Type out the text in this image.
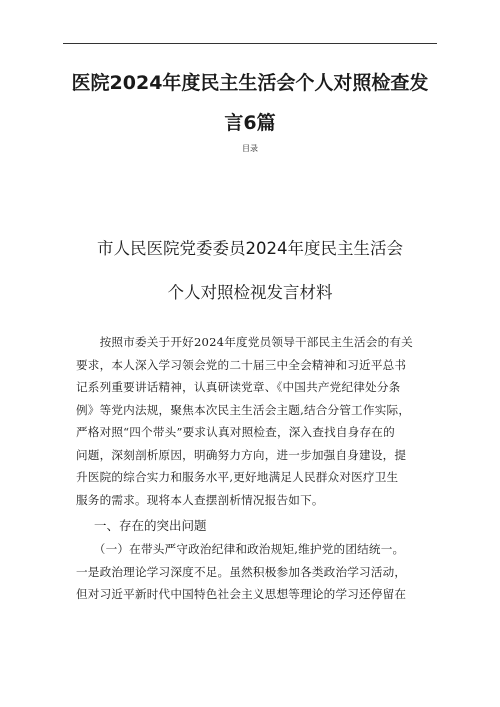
医院2024年度民主生活会个人对照检查发
言6篇
目录
市人民医院党委委员2024年度民主生活会
个人对照检视发言材料
　　按照市委关于开好2024年度党员领导干部民主生活会的有关
要求，本人深入学习领会党的二十届三中全会精神和习近平总书
记系列重要讲话精神，认真研读党章、《中国共产党纪律处分条
例》等党内法规，聚焦本次民主生活会主题,结合分管工作实际，
严格对照“四个带头”要求认真对照检查，深入查找自身存在的
问题，深刻剖析原因，明确努力方向，进一步加强自身建设，提
升医院的综合实力和服务水平,更好地满足人民群众对医疗卫生
服务的需求。现将本人查摆剖析情况报告如下。
一、存在的突出问题
　　（一）在带头严守政治纪律和政治规矩,维护党的团结统一。
一是政治理论学习深度不足。虽然积极参加各类政治学习活动，
但对习近平新时代中国特色社会主义思想等理论的学习还停留在
